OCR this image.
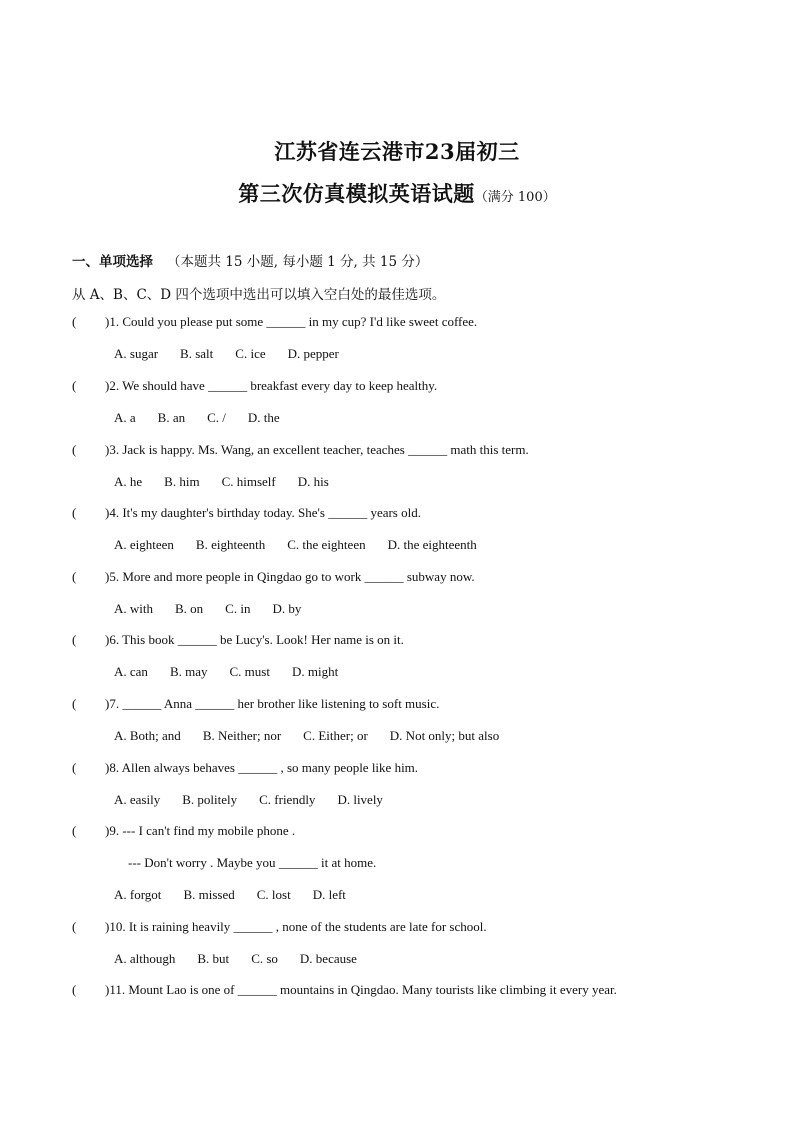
江苏省连云港市23届初三
第三次仿真模拟英语试题（满分 100）
一、单项选择 （本题共 15 小题, 每小题 1 分, 共 15 分）
从 A、B、C、D 四个选项中选出可以填入空白处的最佳选项。
( )1. Could you please put some ______ in my cup? I'd like sweet coffee.
A. sugar B. salt C. ice D. pepper
( )2. We should have ______ breakfast every day to keep healthy.
A. a B. an C. / D. the
( )3. Jack is happy. Ms. Wang, an excellent teacher, teaches ______ math this term.
A. he B. him C. himself D. his
( )4. It's my daughter's birthday today. She's ______ years old.
A. eighteen B. eighteenth C. the eighteen D. the eighteenth
( )5. More and more people in Qingdao go to work ______ subway now.
A. with B. on C. in D. by
( )6. This book ______ be Lucy's. Look! Her name is on it.
A. can B. may C. must D. might
( )7. ______ Anna ______ her brother like listening to soft music.
A. Both; and B. Neither; nor C. Either; or D. Not only; but also
( )8. Allen always behaves ______ , so many people like him.
A. easily B. politely C. friendly D. lively
( )9. --- I can't find my mobile phone .
--- Don't worry . Maybe you ______ it at home.
A. forgot B. missed C. lost D. left
( )10. It is raining heavily ______ , none of the students are late for school.
A. although B. but C. so D. because
( )11. Mount Lao is one of ______ mountains in Qingdao. Many tourists like climbing it every year.
